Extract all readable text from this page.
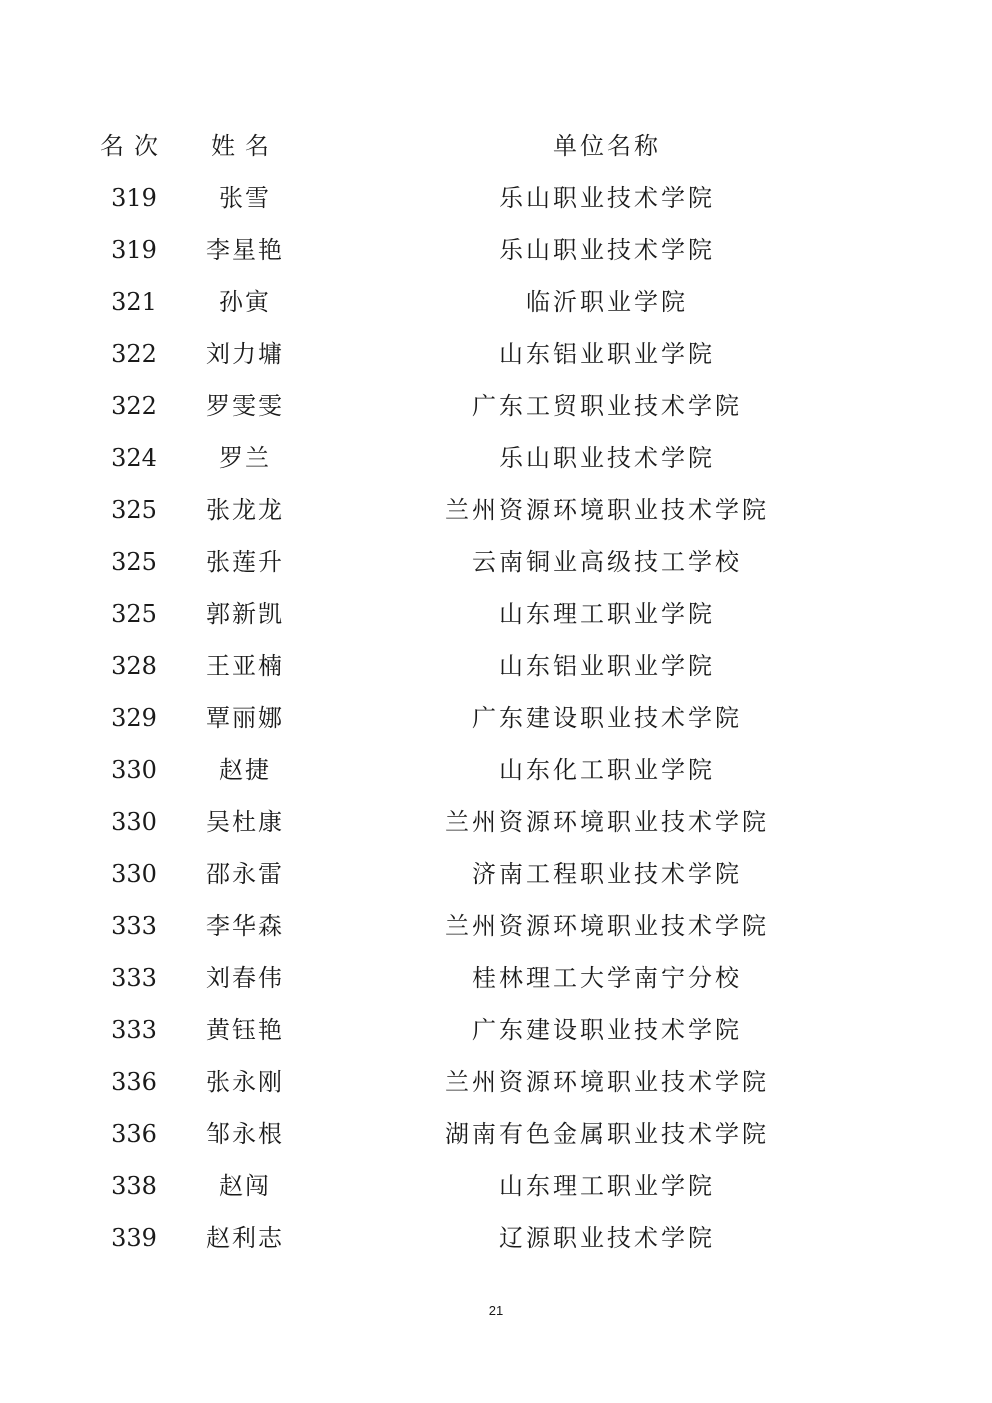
名次	姓名	单位名称
319	张雪	乐山职业技术学院
319	李星艳	乐山职业技术学院
321	孙寅	临沂职业学院
322	刘力墉	山东铝业职业学院
322	罗雯雯	广东工贸职业技术学院
324	罗兰	乐山职业技术学院
325	张龙龙	兰州资源环境职业技术学院
325	张莲升	云南铜业高级技工学校
325	郭新凯	山东理工职业学院
328	王亚楠	山东铝业职业学院
329	覃丽娜	广东建设职业技术学院
330	赵捷	山东化工职业学院
330	吴杜康	兰州资源环境职业技术学院
330	邵永雷	济南工程职业技术学院
333	李华森	兰州资源环境职业技术学院
333	刘春伟	桂林理工大学南宁分校
333	黄钰艳	广东建设职业技术学院
336	张永刚	兰州资源环境职业技术学院
336	邹永根	湖南有色金属职业技术学院
338	赵闯	山东理工职业学院
339	赵利志	辽源职业技术学院
21
